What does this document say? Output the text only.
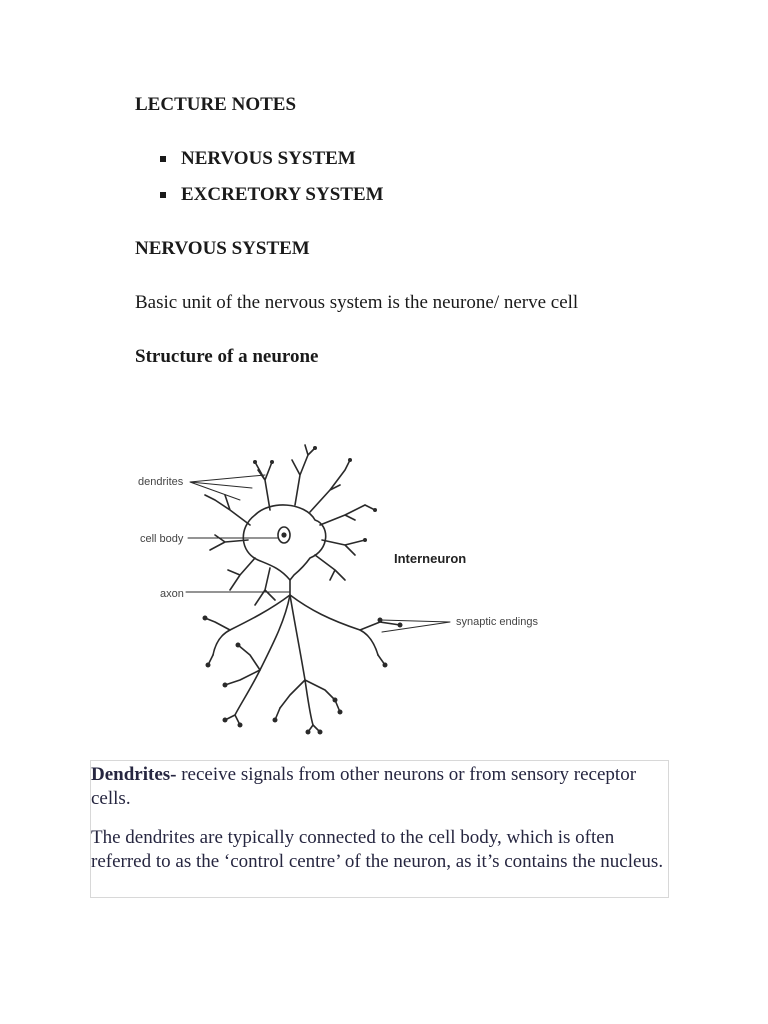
LECTURE NOTES
NERVOUS SYSTEM
EXCRETORY SYSTEM
NERVOUS SYSTEM
Basic unit of the nervous system is the neurone/ nerve cell
Structure of a neurone
dendrites
cell body
axon
synaptic endings
Interneuron

Dendrites- receive signals from other neurons or from sensory receptor cells.

The dendrites are typically connected to the cell body, which is often referred to as the ‘control centre’ of the neuron, as it’s contains the nucleus.
